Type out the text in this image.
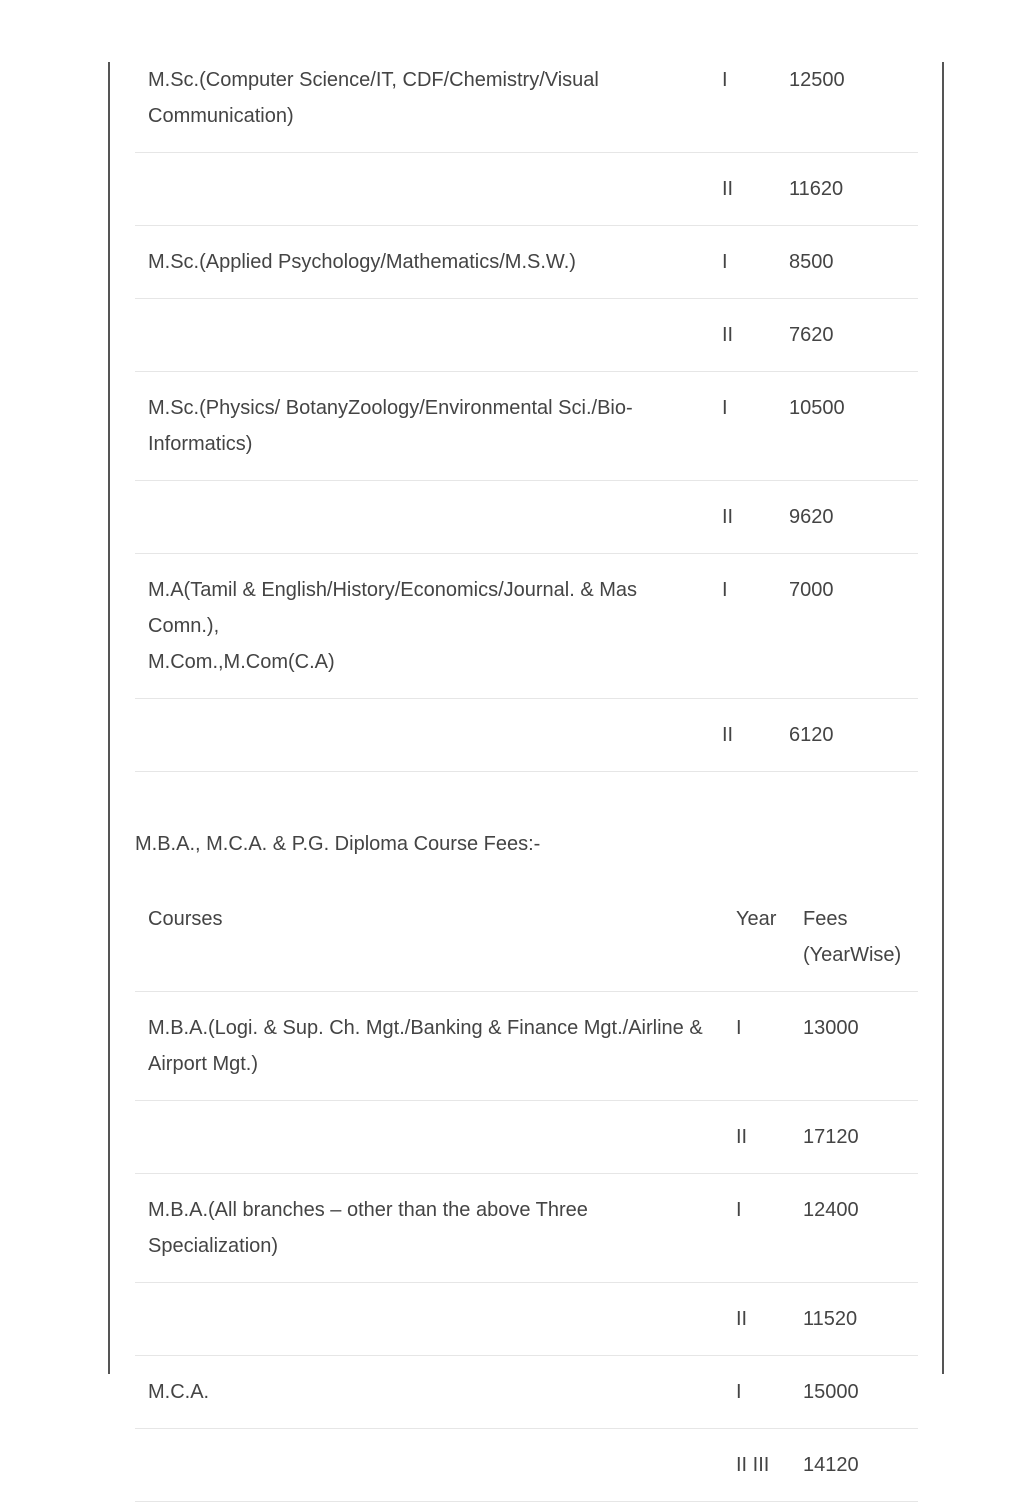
M.Sc.(Computer Science/IT, CDF/Chemistry/Visual Communication)	I	12500

	II	11620

M.Sc.(Applied Psychology/Mathematics/M.S.W.)	I	8500

	II	7620

M.Sc.(Physics/ BotanyZoology/Environmental Sci./Bio-Informatics)	I	10500

	II	9620

M.A(Tamil & English/History/Economics/Journal. & Mas Comn.),
M.Com.,M.Com(C.A)	I	7000

	II	6120
M.B.A., M.C.A. & P.G. Diploma Course Fees:-
Courses	Year	Fees (YearWise)

M.B.A.(Logi. & Sup. Ch. Mgt./Banking & Finance Mgt./Airline & Airport Mgt.)	I	13000

	II	17120

M.B.A.(All branches – other than the above Three Specialization)	I	12400

	II	11520

M.C.A.	I	15000

	II III	14120
